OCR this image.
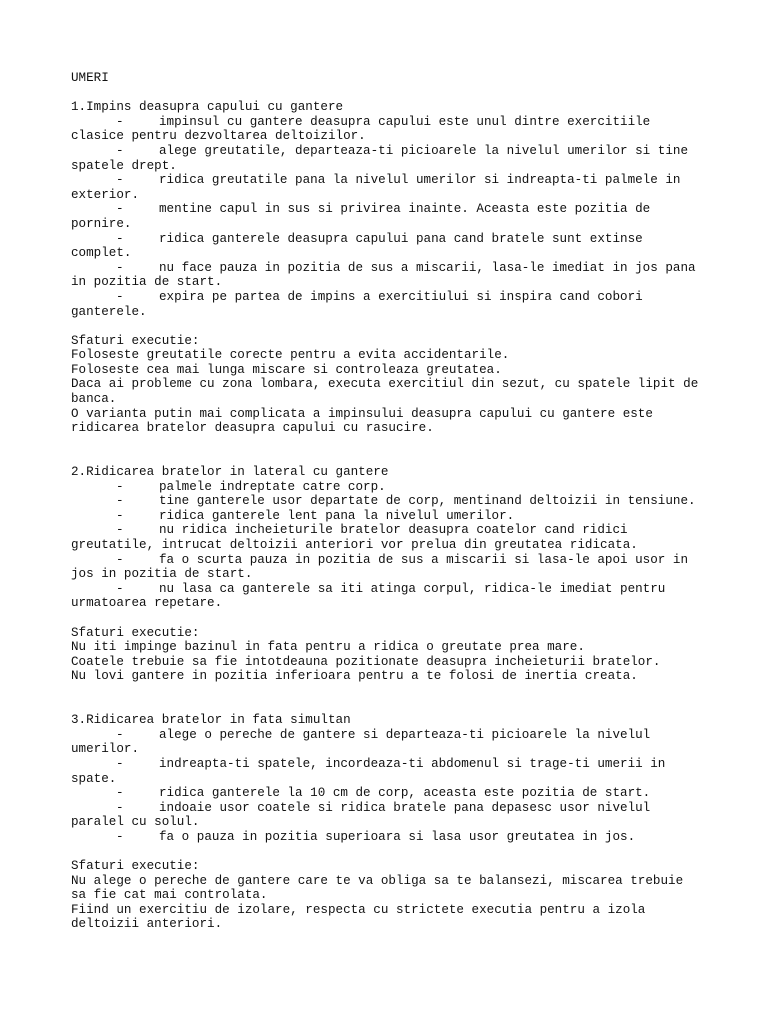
UMERI
1.Impins deasupra capului cu gantere
-	impinsul cu gantere deasupra capului este unul dintre exercitiile
clasice pentru dezvoltarea deltoizilor.
-	alege greutatile, departeaza-ti picioarele la nivelul umerilor si tine
spatele drept.
-	ridica greutatile pana la nivelul umerilor si indreapta-ti palmele in
exterior.
-	mentine capul in sus si privirea inainte. Aceasta este pozitia de
pornire.
-	ridica ganterele deasupra capului pana cand bratele sunt extinse
complet.
-	nu face pauza in pozitia de sus a miscarii, lasa-le imediat in jos pana
in pozitia de start.
-	expira pe partea de impins a exercitiului si inspira cand cobori
ganterele.
Sfaturi executie:
Foloseste greutatile corecte pentru a evita accidentarile.
Foloseste cea mai lunga miscare si controleaza greutatea.
Daca ai probleme cu zona lombara, executa exercitiul din sezut, cu spatele lipit de
banca.
O varianta putin mai complicata a impinsului deasupra capului cu gantere este
ridicarea bratelor deasupra capului cu rasucire.
2.Ridicarea bratelor in lateral cu gantere
-	palmele indreptate catre corp.
-	tine ganterele usor departate de corp, mentinand deltoizii in tensiune.
-	ridica ganterele lent pana la nivelul umerilor.
-	nu ridica incheieturile bratelor deasupra coatelor cand ridici
greutatile, intrucat deltoizii anteriori vor prelua din greutatea ridicata.
-	fa o scurta pauza in pozitia de sus a miscarii si lasa-le apoi usor in
jos in pozitia de start.
-	nu lasa ca ganterele sa iti atinga corpul, ridica-le imediat pentru
urmatoarea repetare.
Sfaturi executie:
Nu iti impinge bazinul in fata pentru a ridica o greutate prea mare.
Coatele trebuie sa fie intotdeauna pozitionate deasupra incheieturii bratelor.
Nu lovi gantere in pozitia inferioara pentru a te folosi de inertia creata.
3.Ridicarea bratelor in fata simultan
-	alege o pereche de gantere si departeaza-ti picioarele la nivelul
umerilor.
-	indreapta-ti spatele, incordeaza-ti abdomenul si trage-ti umerii in
spate.
-	ridica ganterele la 10 cm de corp, aceasta este pozitia de start.
-	indoaie usor coatele si ridica bratele pana depasesc usor nivelul
paralel cu solul.
-	fa o pauza in pozitia superioara si lasa usor greutatea in jos.
Sfaturi executie:
Nu alege o pereche de gantere care te va obliga sa te balansezi, miscarea trebuie
sa fie cat mai controlata.
Fiind un exercitiu de izolare, respecta cu strictete executia pentru a izola
deltoizii anteriori.
